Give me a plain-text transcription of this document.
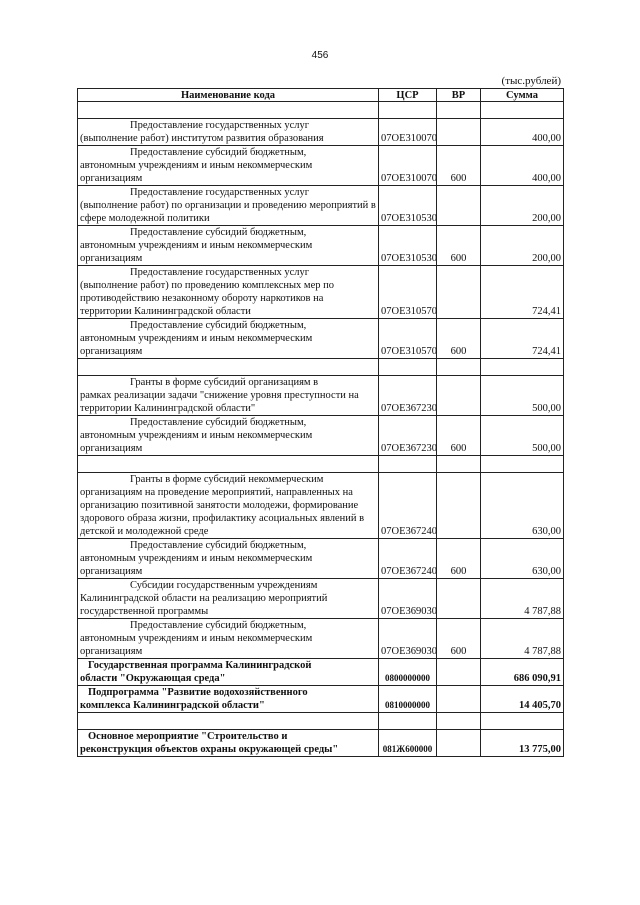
456
(тыс.рублей)
Наименование кода	ЦСР	ВР	Сумма

Предоставление государственных услуг
(выполнение работ) институтом развития образования	07ОЕ310070		400,00

Предоставление субсидий бюджетным,
автономным учреждениям и иным некоммерческим организациям	07ОЕ310070	600	400,00

Предоставление государственных услуг
(выполнение работ) по организации и проведению мероприятий в сфере молодежной политики	07ОЕ310530		200,00

Предоставление субсидий бюджетным,
автономным учреждениям и иным некоммерческим организациям	07ОЕ310530	600	200,00

Предоставление государственных услуг
(выполнение работ) по проведению комплексных мер по противодействию незаконному обороту наркотиков на территории Калининградской области	07ОЕ310570		724,41

Предоставление субсидий бюджетным,
автономным учреждениям и иным некоммерческим организациям	07ОЕ310570	600	724,41

Гранты в форме субсидий организациям в
рамках реализации задачи "снижение уровня преступности на территории Калининградской области"	07ОЕ367230		500,00

Предоставление субсидий бюджетным,
автономным учреждениям и иным некоммерческим организациям	07ОЕ367230	600	500,00

Гранты в форме субсидий некоммерческим
организациям на проведение мероприятий, направленных на организацию позитивной занятости молодежи, формирование здорового образа жизни, профилактику асоциальных явлений в детской и молодежной среде	07ОЕ367240		630,00

Предоставление субсидий бюджетным,
автономным учреждениям и иным некоммерческим организациям	07ОЕ367240	600	630,00

Субсидии государственным учреждениям
Калининградской области на реализацию мероприятий государственной программы	07ОЕ369030		4 787,88

Предоставление субсидий бюджетным,
автономным учреждениям и иным некоммерческим организациям	07ОЕ369030	600	4 787,88

Государственная программа Калининградской
области "Окружающая среда"	0800000000		686 090,91

Подпрограмма "Развитие водохозяйственного
комплекса Калининградской области"	0810000000		14 405,70

Основное мероприятие "Строительство и
реконструкция объектов охраны окружающей среды"	081Ж600000		13 775,00
